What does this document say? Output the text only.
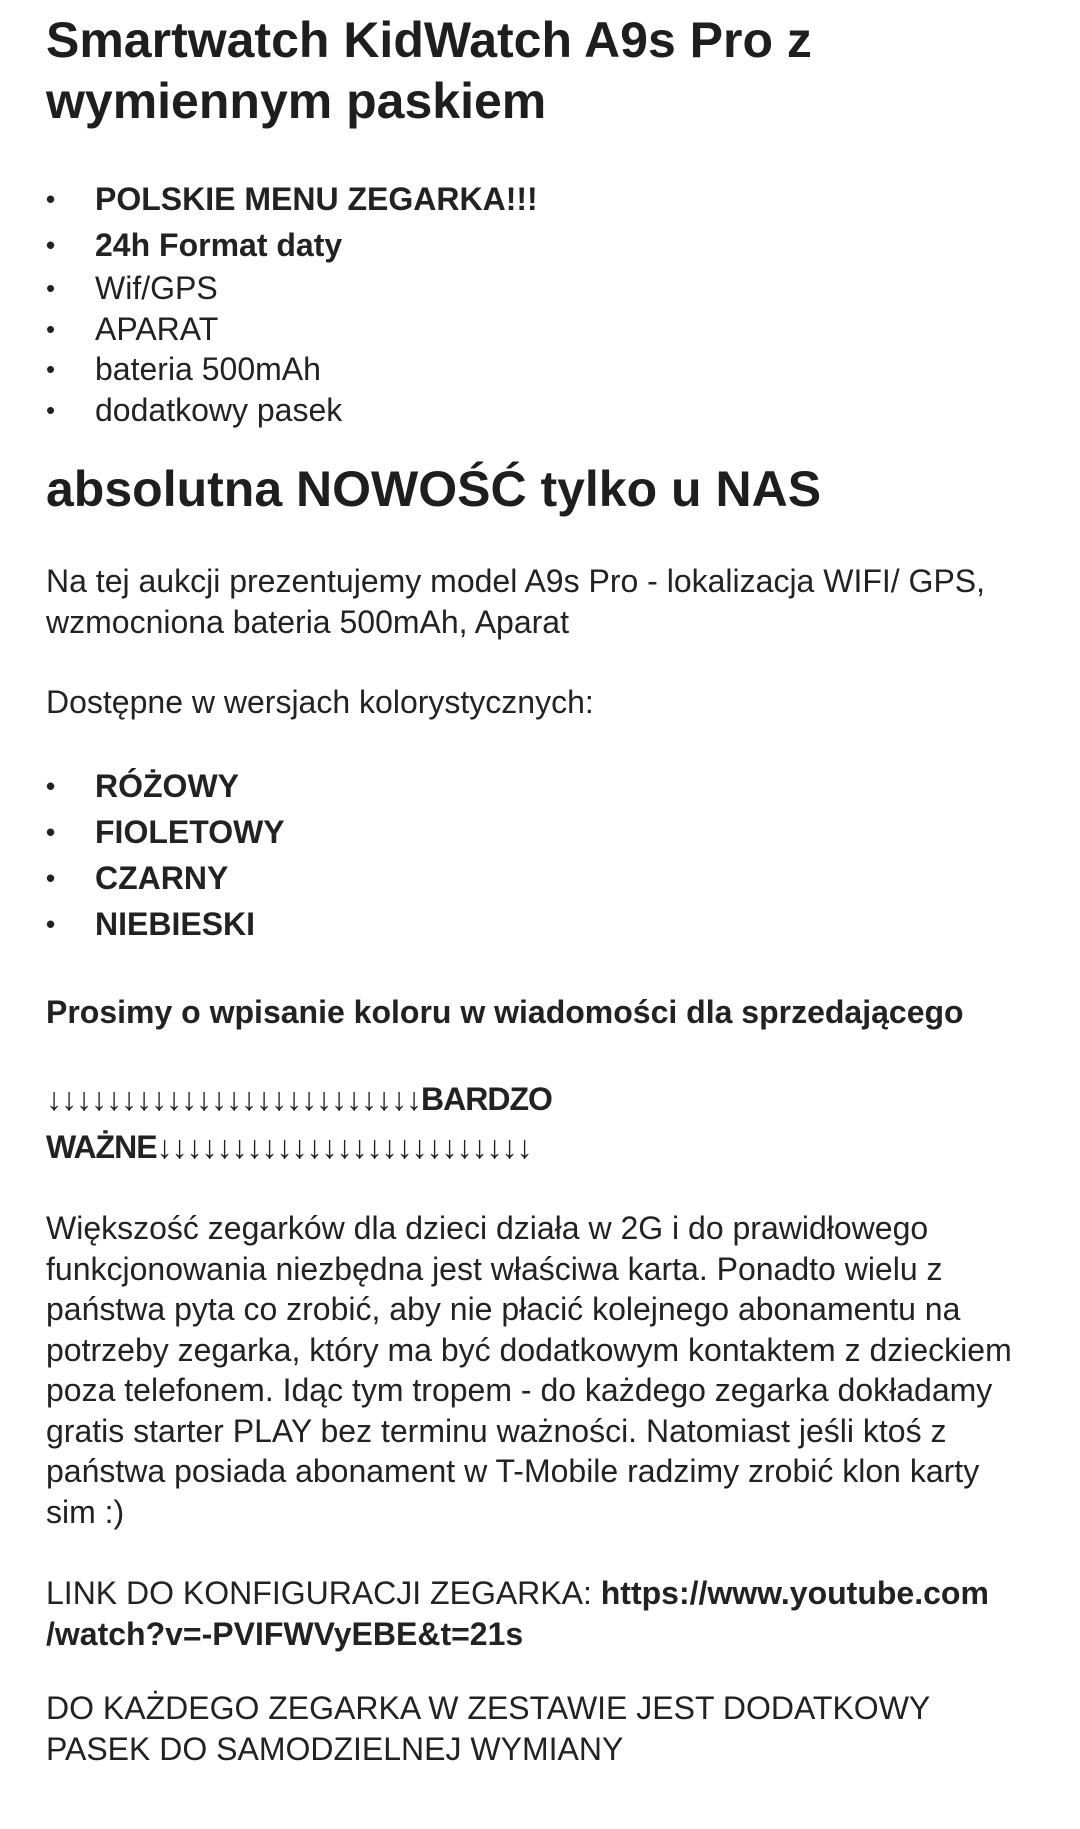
Smartwatch KidWatch A9s Pro z wymiennym paskiem
•	POLSKIE MENU ZEGARKA!!!
•	24h Format daty
•	Wif/GPS
•	APARAT
•	bateria 500mAh
•	dodatkowy pasek
absolutna NOWOŚĆ tylko u NAS

Na tej aukcji prezentujemy model A9s Pro - lokalizacja WIFI/ GPS, wzmocniona bateria 500mAh, Aparat

Dostępne w wersjach kolorystycznych:

•	RÓŻOWY
•	FIOLETOWY
•	CZARNY
•	NIEBIESKI

Prosimy o wpisanie koloru w wiadomości dla sprzedającego

↓↓↓↓↓↓↓↓↓↓↓↓↓↓↓↓↓↓↓↓↓↓↓↓↓BARDZO WAŻNE↓↓↓↓↓↓↓↓↓↓↓↓↓↓↓↓↓↓↓↓↓↓↓↓↓

Większość zegarków dla dzieci działa w 2G i do prawidłowego funkcjonowania niezbędna jest właściwa karta. Ponadto wielu z państwa pyta co zrobić, aby nie płacić kolejnego abonamentu na potrzeby zegarka, który ma być dodatkowym kontaktem z dzieckiem poza telefonem. Idąc tym tropem - do każdego zegarka dokładamy gratis starter PLAY bez terminu ważności. Natomiast jeśli ktoś z państwa posiada abonament w T-Mobile radzimy zrobić klon karty sim :)

LINK DO KONFIGURACJI ZEGARKA: https://www.youtube.com /watch?v=-PVIFWVyEBE&t=21s

DO KAŻDEGO ZEGARKA W ZESTAWIE JEST DODATKOWY PASEK DO SAMODZIELNEJ WYMIANY
